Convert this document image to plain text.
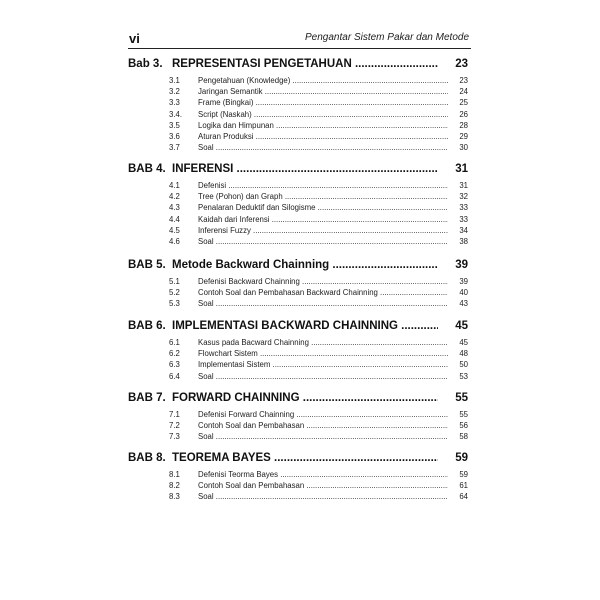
vi	Pengantar Sistem Pakar dan Metode
Bab 3. REPRESENTASI PENGETAHUAN .....	23
3.1 Pengetahuan (Knowledge) .....	23
3.2 Jaringan Semantik .....	24
3.3 Frame (Bingkai) .....	25
3.4. Script (Naskah) .....	26
3.5 Logika dan Himpunan .....	28
3.6 Aturan Produksi .....	29
3.7 Soal .....	30
BAB 4. INFERENSI .....	31
4.1 Defenisi .....	31
4.2 Tree (Pohon) dan Graph .....	32
4.3 Penalaran Deduktif dan Silogisme .....	33
4.4 Kaidah dari Inferensi .....	33
4.5 Inferensi Fuzzy .....	34
4.6 Soal .....	38
BAB 5. Metode Backward Chainning .....	39
5.1 Defenisi Backward Chainning .....	39
5.2 Contoh Soal dan Pembahasan Backward Chainning .....	40
5.3 Soal .....	43
BAB 6. IMPLEMENTASI BACKWARD CHAINNING .....	45
6.1 Kasus pada Bacward Chainning .....	45
6.2 Flowchart Sistem .....	48
6.3 Implementasi Sistem .....	50
6.4 Soal .....	53
BAB 7. FORWARD CHAINNING .....	55
7.1 Defenisi Forward Chainning .....	55
7.2 Contoh Soal dan Pembahasan .....	56
7.3 Soal .....	58
BAB 8. TEOREMA BAYES .....	59
8.1 Defenisi Teorma Bayes .....	59
8.2 Contoh Soal dan Pembahasan .....	61
8.3 Soal .....	64
